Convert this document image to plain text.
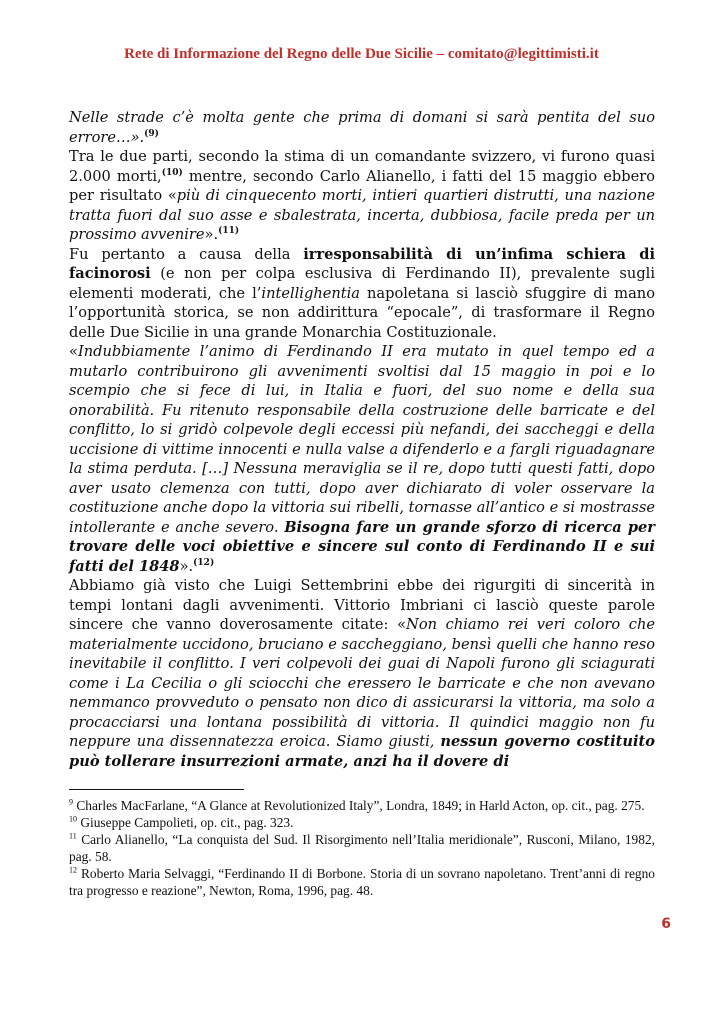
Rete di Informazione del Regno delle Due Sicilie – comitato@legittimisti.it

Nelle strade c’è molta gente che prima di domani si sarà pentita del suo errore…».$^{(9)}$

Tra le due parti, secondo la stima di un comandante svizzero, vi furono quasi 2.000 morti,$^{(10)}$ mentre, secondo Carlo Alianello, i fatti del 15 maggio ebbero per risultato «più di cinquecento morti, intieri quartieri distrutti, una nazione tratta fuori dal suo asse e sbalestrata, incerta, dubbiosa, facile preda per un prossimo avvenire».$^{(11)}$

Fu pertanto a causa della irresponsabilità di un’infima schiera di facinorosi (e non per colpa esclusiva di Ferdinando II), prevalente sugli elementi moderati, che l’intellighentia napoletana si lasciò sfuggire di mano l’opportunità storica, se non addirittura “epocale”, di trasformare il Regno delle Due Sicilie in una grande Monarchia Costituzionale.

«Indubbiamente l’animo di Ferdinando II era mutato in quel tempo ed a mutarlo contribuirono gli avvenimenti svoltisi dal 15 maggio in poi e lo scempio che si fece di lui, in Italia e fuori, del suo nome e della sua onorabilità. Fu ritenuto responsabile della costruzione delle barricate e del conflitto, lo si gridò colpevole degli eccessi più nefandi, dei saccheggi e della uccisione di vittime innocenti e nulla valse a difenderlo e a fargli riguadagnare la stima perduta. […] Nessuna meraviglia se il re, dopo tutti questi fatti, dopo aver usato clemenza con tutti, dopo aver dichiarato di voler osservare la costituzione anche dopo la vittoria sui ribelli, tornasse all’antico e si mostrasse intollerante e anche severo. Bisogna fare un grande sforzo di ricerca per trovare delle voci obiettive e sincere sul conto di Ferdinando II e sui fatti del 1848».$^{(12)}$

Abbiamo già visto che Luigi Settembrini ebbe dei rigurgiti di sincerità in tempi lontani dagli avvenimenti. Vittorio Imbriani ci lasciò queste parole sincere che vanno doverosamente citate: «Non chiamo rei veri coloro che materialmente uccidono, bruciano e saccheggiano, bensì quelli che hanno reso inevitabile il conflitto. I veri colpevoli dei guai di Napoli furono gli sciagurati come i La Cecilia o gli sciocchi che eressero le barricate e che non avevano nemmanco provveduto o pensato non dico di assicurarsi la vittoria, ma solo a procacciarsi una lontana possibilità di vittoria. Il quindici maggio non fu neppure una dissennatezza eroica. Siamo giusti, nessun governo costituito può tollerare insurrezioni armate, anzi ha il dovere di

$^9$ Charles MacFarlane, “A Glance at Revolutionized Italy”, Londra, 1849; in Harld Acton, op. cit., pag. 275.

$^{10}$ Giuseppe Campolieti, op. cit., pag. 323.

$^{11}$ Carlo Alianello, “La conquista del Sud. Il Risorgimento nell’Italia meridionale”, Rusconi, Milano, 1982, pag. 58.

$^{12}$ Roberto Maria Selvaggi, “Ferdinando II di Borbone. Storia di un sovrano napoletano. Trent’anni di regno tra progresso e reazione”, Newton, Roma, 1996, pag. 48.

6
